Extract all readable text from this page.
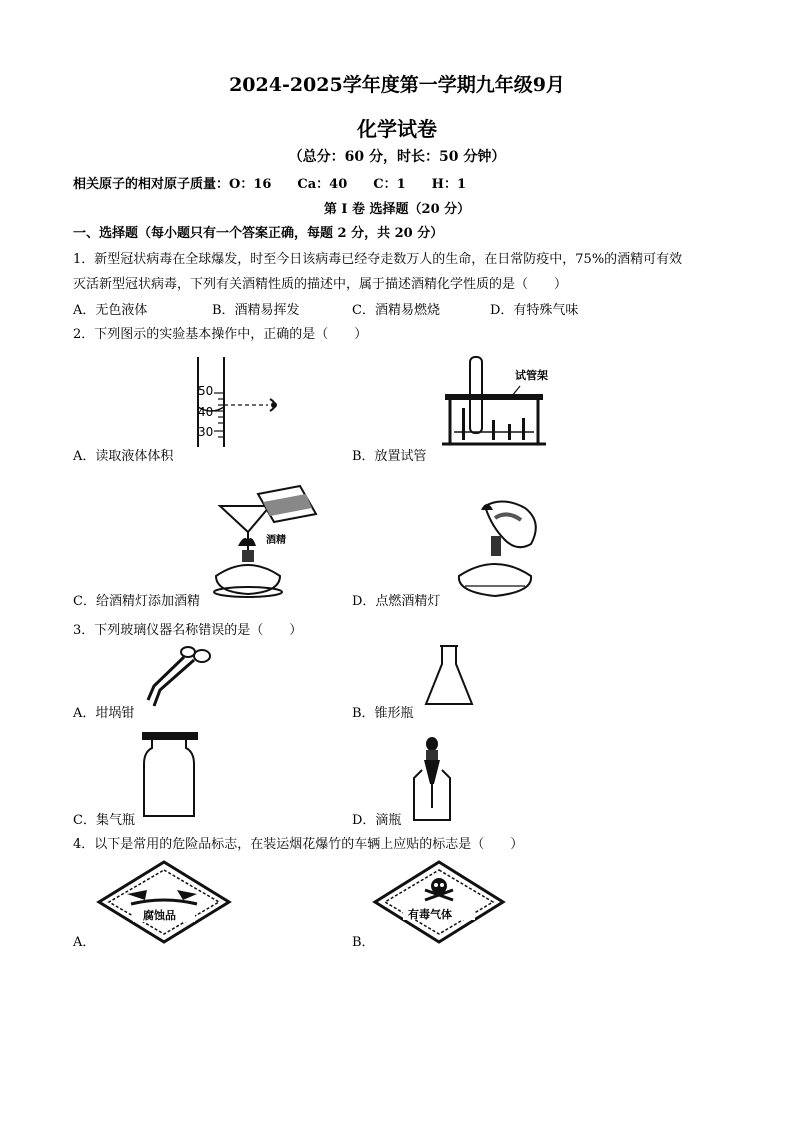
2024-2025学年度第一学期九年级9月
化学试卷
（总分：60 分，时长：50 分钟）
相关原子的相对原子质量：O：16　　Ca：40　　C：1　　H：1
第 I 卷 选择题（20 分）
一、选择题（每小题只有一个答案正确，每题 2 分，共 20 分）
1．新型冠状病毒在全球爆发，时至今日该病毒已经夺走数万人的生命，在日常防疫中，75%的酒精可有效
灭活新型冠状病毒，下列有关酒精性质的描述中，属于描述酒精化学性质的是（　　）
A．无色液体	B．酒精易挥发	C．酒精易燃烧	D．有特殊气味
2．下列图示的实验基本操作中，正确的是（　　）
50
40
30
A．读取液体体积
试管架
B．放置试管
酒精
C．给酒精灯添加酒精	D．点燃酒精灯
3．下列玻璃仪器名称错误的是（　　）
A．坩埚钳	B．锥形瓶
C．集气瓶	D．滴瓶
4．以下是常用的危险品标志，在装运烟花爆竹的车辆上应贴的标志是（　　）
腐蚀品
A．
有毒气体
B．
